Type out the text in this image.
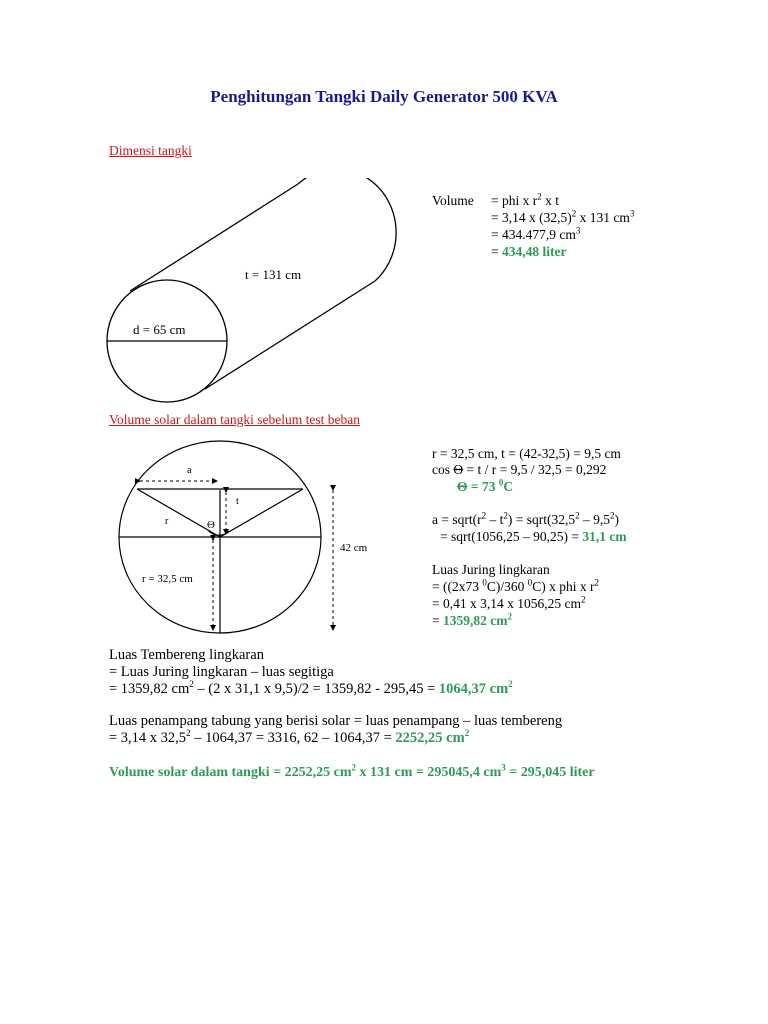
Penghitungan Tangki Daily Generator 500 KVA
Dimensi tangki
t = 131 cm
d = 65 cm
Volume = phi x $r^2$ x t
= 3,14 x $(32,5)^2$ x 131 $cm^3$
= 434.477,9 $cm^3$
= 434,48 liter
Volume solar dalam tangki sebelum test beban
a
t
r	Θ
42 cm
r = 32,5 cm
r = 32,5 cm, t = (42-32,5) = 9,5 cm
cos Θ = t / r = 9,5 / 32,5 = 0,292
Θ = 73 $^0$C
$a = sqrt(r^2 - t^2)$ = $sqrt(32,5^2 - 9,5^2)$
= sqrt(1056,25 – 90,25) = 31,1 cm
Luas Juring lingkaran
= ((2x73 $^0$C)/360 $^0$C) x phi x $r^2$
= 0,41 x 3,14 x 1056,25 $cm^2$
= 1359,82 $cm^2$
Luas Tembereng lingkaran
= Luas Juring lingkaran – luas segitiga
= 1359,82 $cm^2 - (2$ x 31,1 x 9,5)/2 = 1359,82 - 295,45 = 1064,37 $cm^2$
Luas penampang tabung yang berisi solar = luas penampang – luas tembereng
= 3,14 x 32,5$^2$ – 1064,37 = 3316, 62 – 1064,37 = 2252,25 $cm^2$
Volume solar dalam tangki = 2252,25 $cm^2$ x 131 cm = 295045,4 $cm^3 = 295,045$ liter
